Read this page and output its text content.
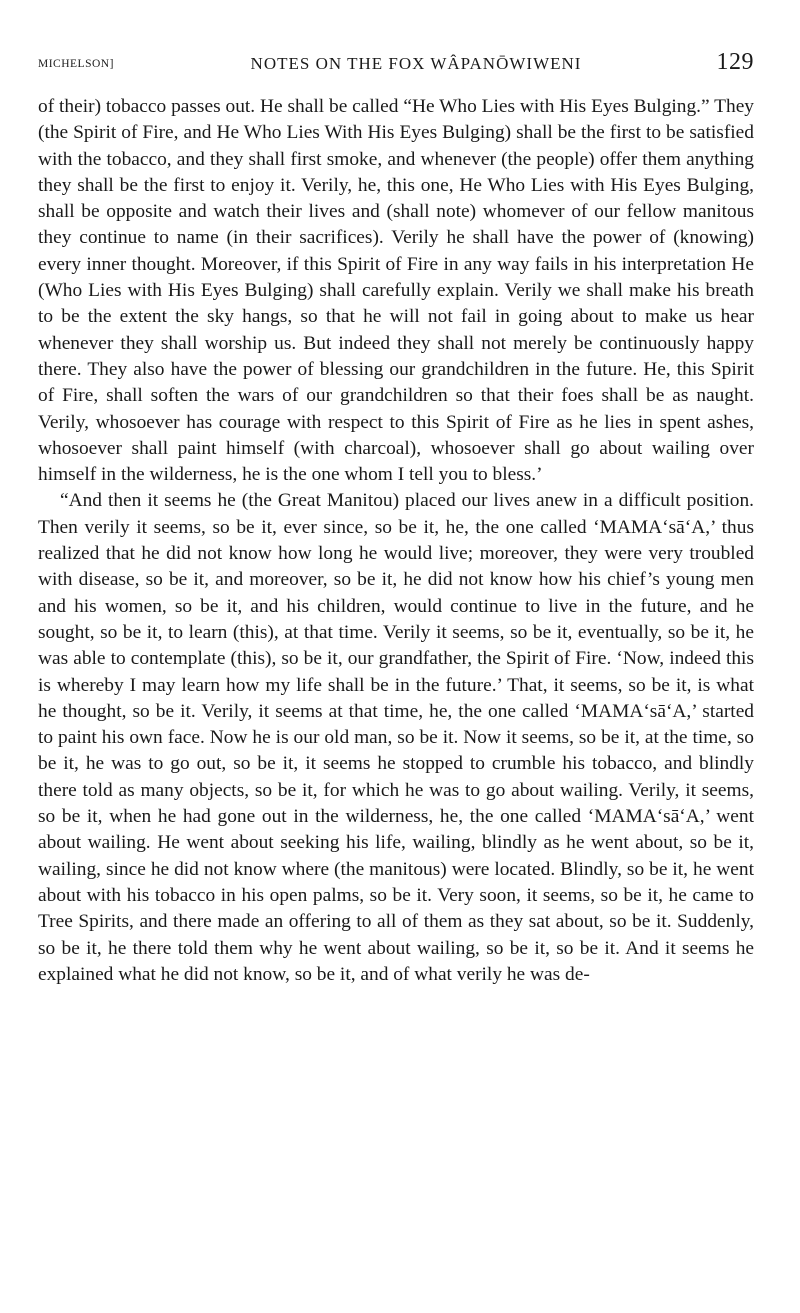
MICHELSON]	NOTES ON THE FOX WÂPANŌWIWENI	129

of their) tobacco passes out. He shall be called “He Who Lies with His Eyes Bulging.” They (the Spirit of Fire, and He Who Lies With His Eyes Bulging) shall be the first to be satisfied with the tobacco, and they shall first smoke, and whenever (the people) offer them anything they shall be the first to enjoy it. Verily, he, this one, He Who Lies with His Eyes Bulging, shall be opposite and watch their lives and (shall note) whomever of our fellow manitous they continue to name (in their sacrifices). Verily he shall have the power of (knowing) every inner thought. Moreover, if this Spirit of Fire in any way fails in his interpretation He (Who Lies with His Eyes Bulging) shall carefully explain. Verily we shall make his breath to be the extent the sky hangs, so that he will not fail in going about to make us hear whenever they shall worship us. But indeed they shall not merely be continuously happy there. They also have the power of blessing our grandchildren in the future. He, this Spirit of Fire, shall soften the wars of our grandchildren so that their foes shall be as naught. Verily, whosoever has courage with respect to this Spirit of Fire as he lies in spent ashes, whosoever shall paint himself (with charcoal), whosoever shall go about wailing over himself in the wilderness, he is the one whom I tell you to bless.’

“And then it seems he (the Great Manitou) placed our lives anew in a difficult position. Then verily it seems, so be it, ever since, so be it, he, the one called ‘MAMAʻsāʻA,’ thus realized that he did not know how long he would live; moreover, they were very troubled with disease, so be it, and moreover, so be it, he did not know how his chief’s young men and his women, so be it, and his children, would continue to live in the future, and he sought, so be it, to learn (this), at that time. Verily it seems, so be it, eventually, so be it, he was able to contemplate (this), so be it, our grandfather, the Spirit of Fire. ‘Now, indeed this is whereby I may learn how my life shall be in the future.’ That, it seems, so be it, is what he thought, so be it. Verily, it seems at that time, he, the one called ‘MAMAʻsāʻA,’ started to paint his own face. Now he is our old man, so be it. Now it seems, so be it, at the time, so be it, he was to go out, so be it, it seems he stopped to crumble his tobacco, and blindly there told as many objects, so be it, for which he was to go about wailing. Verily, it seems, so be it, when he had gone out in the wilderness, he, the one called ‘MAMAʻsāʻA,’ went about wailing. He went about seeking his life, wailing, blindly as he went about, so be it, wailing, since he did not know where (the manitous) were located. Blindly, so be it, he went about with his tobacco in his open palms, so be it. Very soon, it seems, so be it, he came to Tree Spirits, and there made an offering to all of them as they sat about, so be it. Suddenly, so be it, he there told them why he went about wailing, so be it, so be it. And it seems he explained what he did not know, so be it, and of what verily he was de-
